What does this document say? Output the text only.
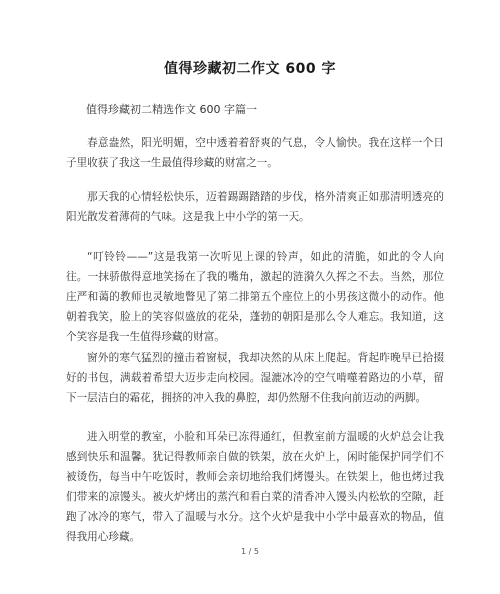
值得珍藏初二作文 600 字
值得珍藏初二精选作文 600 字篇一

春意盎然，阳光明媚，空中透着着舒爽的气息，令人愉快。我在这样一个日子里收获了我这一生最值得珍藏的财富之一。

那天我的心情轻松快乐，迈着踢踢踏踏的步伐，格外清爽正如那清明透亮的阳光散发着薄荷的气味。这是我上中小学的第一天。

“叮铃铃——”这是我第一次听见上课的铃声，如此的清脆，如此的令人向往。一抹骄傲得意地笑扬在了我的嘴角，激起的涟漪久久挥之不去。当然，那位庄严和蔼的教师也灵敏地瞥见了第二排第五个座位上的小男孩这微小的动作。他朝着我笑，脸上的笑容似盛放的花朵，蓬勃的朝阳是那么令人难忘。我知道，这个笑容是我一生值得珍藏的财富。

窗外的寒气猛烈的撞击着窗棂，我却决然的从床上爬起。背起昨晚早已拾掇好的书包，满载着希望大迈步走向校园。湿漉冰冷的空气啃噬着路边的小草，留下一层洁白的霜花，拥挤的冲入我的鼻腔，却仍然掰不住我向前迈动的两脚。

进入明堂的教室，小脸和耳朵已冻得通红，但教室前方温暖的火炉总会让我感到快乐和温馨。犹记得教师亲自做的铁架，放在火炉上，闲时能保护同学们不被烫伤，每当中午吃饭时，教师会亲切地给我们烤馒头。在铁架上，他也烤过我们带来的凉馒头。被火炉烤出的蒸汽和看白菜的清香冲入馒头内松软的空隙，赶跑了冰冷的寒气，带入了温暖与水分。这个火炉是我中小学中最喜欢的物品，值得我用心珍藏。

1 / 5
